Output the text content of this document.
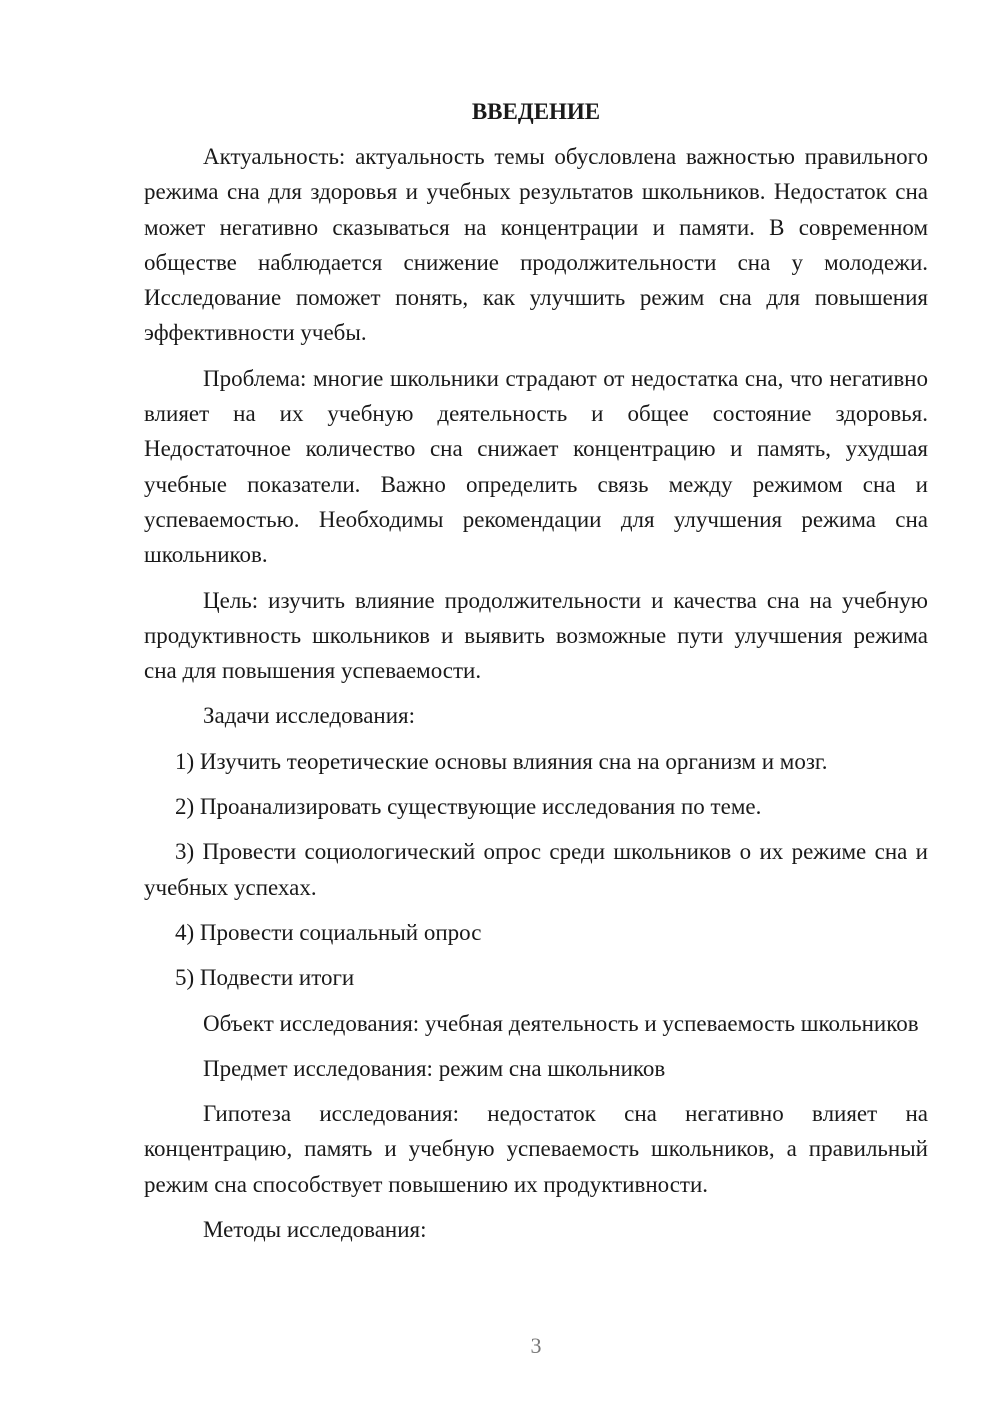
ВВЕДЕНИЕ

Актуальность: актуальность темы обусловлена важностью правильного режима сна для здоровья и учебных результатов школьников. Недостаток сна может негативно сказываться на концентрации и памяти. В современном обществе наблюдается снижение продолжительности сна у молодежи. Исследование поможет понять, как улучшить режим сна для повышения эффективности учебы.

Проблема: многие школьники страдают от недостатка сна, что негативно влияет на их учебную деятельность и общее состояние здоровья. Недостаточное количество сна снижает концентрацию и память, ухудшая учебные показатели. Важно определить связь между режимом сна и успеваемостью. Необходимы рекомендации для улучшения режима сна школьников.

Цель: изучить влияние продолжительности и качества сна на учебную продуктивность школьников и выявить возможные пути улучшения режима сна для повышения успеваемости.

Задачи исследования:

1) Изучить теоретические основы влияния сна на организм и мозг.

2) Проанализировать существующие исследования по теме.

3) Провести социологический опрос среди школьников о их режиме сна и учебных успехах.

4) Провести социальный опрос

5) Подвести итоги

Объект исследования: учебная деятельность и успеваемость школьников

Предмет исследования: режим сна школьников

Гипотеза исследования: недостаток сна негативно влияет на концентрацию, память и учебную успеваемость школьников, а правильный режим сна способствует повышению их продуктивности.

Методы исследования:

3
